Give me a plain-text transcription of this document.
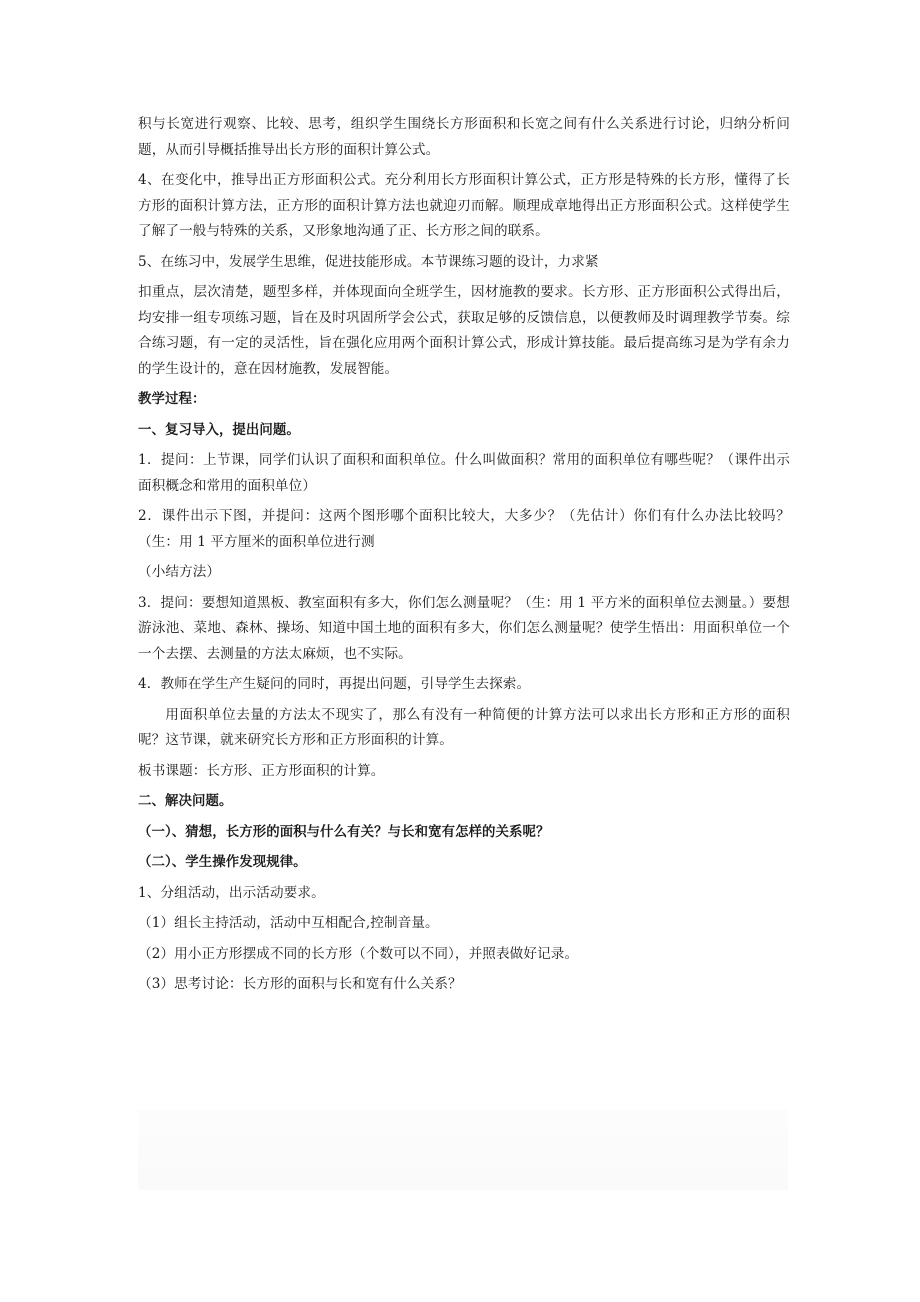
积与长宽进行观察、比较、思考，组织学生围绕长方形面积和长宽之间有什么关系进行讨论，归纳分析问题，从而引导概括推导出长方形的面积计算公式。

4、在变化中，推导出正方形面积公式。充分利用长方形面积计算公式，正方形是特殊的长方形，懂得了长方形的面积计算方法，正方形的面积计算方法也就迎刃而解。顺理成章地得出正方形面积公式。这样使学生了解了一般与特殊的关系，又形象地沟通了正、长方形之间的联系。

5、在练习中，发展学生思维，促进技能形成。本节课练习题的设计，力求紧

扣重点，层次清楚，题型多样，并体现面向全班学生，因材施教的要求。长方形、正方形面积公式得出后，均安排一组专项练习题，旨在及时巩固所学会公式，获取足够的反馈信息，以便教师及时调理教学节奏。综合练习题，有一定的灵活性，旨在强化应用两个面积计算公式，形成计算技能。最后提高练习是为学有余力的学生设计的，意在因材施教，发展智能。

教学过程：

一、复习导入，提出问题。

1．提问：上节课，同学们认识了面积和面积单位。什么叫做面积？常用的面积单位有哪些呢？（课件出示面积概念和常用的面积单位）

2．课件出示下图，并提问：这两个图形哪个面积比较大，大多少？（先估计）你们有什么办法比较吗？（生：用 1 平方厘米的面积单位进行测

（小结方法）

3．提问：要想知道黑板、教室面积有多大，你们怎么测量呢？（生：用 1 平方米的面积单位去测量。）要想游泳池、菜地、森林、操场、知道中国土地的面积有多大，你们怎么测量呢？使学生悟出：用面积单位一个一个去摆、去测量的方法太麻烦，也不实际。

4．教师在学生产生疑问的同时，再提出问题，引导学生去探索。

用面积单位去量的方法太不现实了，那么有没有一种简便的计算方法可以求出长方形和正方形的面积呢？这节课，就来研究长方形和正方形面积的计算。

板书课题：长方形、正方形面积的计算。

二、解决问题。

（一）、猜想，长方形的面积与什么有关？与长和宽有怎样的关系呢？

（二）、学生操作发现规律。

1、分组活动，出示活动要求。

（1）组长主持活动，活动中互相配合,控制音量。

（2）用小正方形摆成不同的长方形（个数可以不同），并照表做好记录。

（3）思考讨论：长方形的面积与长和宽有什么关系？
